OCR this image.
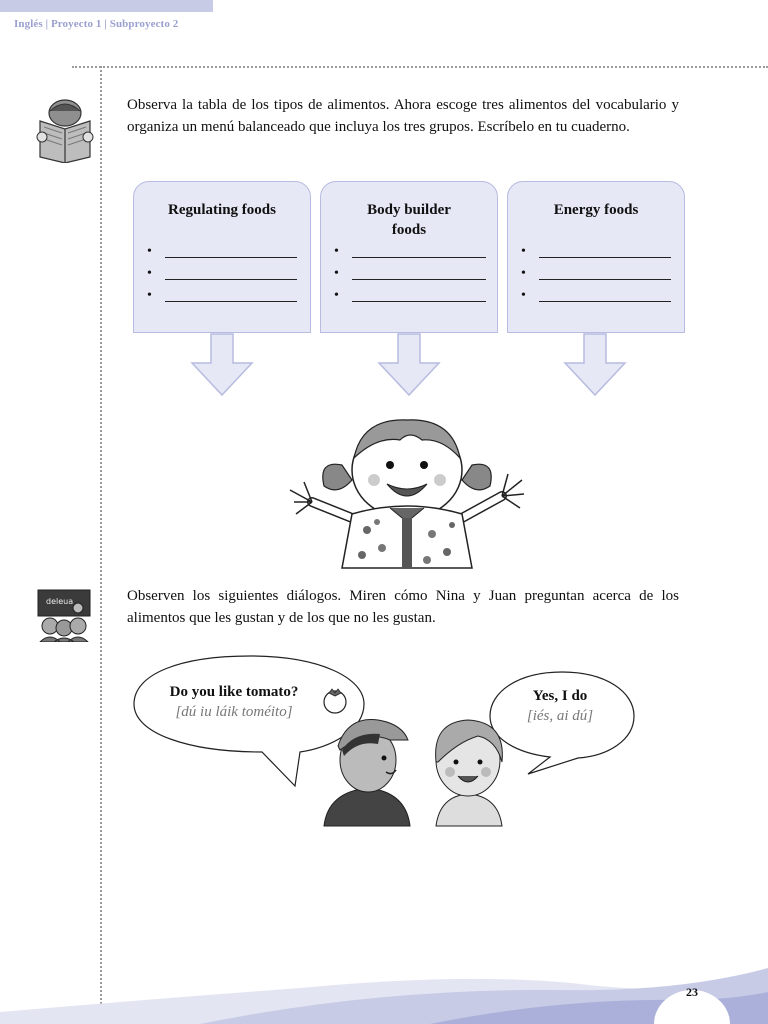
Inglés | Proyecto 1 | Subproyecto 2
Observa la tabla de los tipos de alimentos. Ahora escoge tres alimentos del vocabulario y organiza un menú balanceado que incluya los tres grupos. Escríbelo en tu cuaderno.
Regulating foods
•
•
•
Body builder foods
•
•
•
Energy foods
•
•
•
deleua	Observen los siguientes diálogos. Miren cómo Nina y Juan preguntan acerca de los alimentos que les gustan y de los que no les gustan.
Do you like tomato?
[dú iu láik toméito]
Yes, I do
[iés, ai dú]
23
